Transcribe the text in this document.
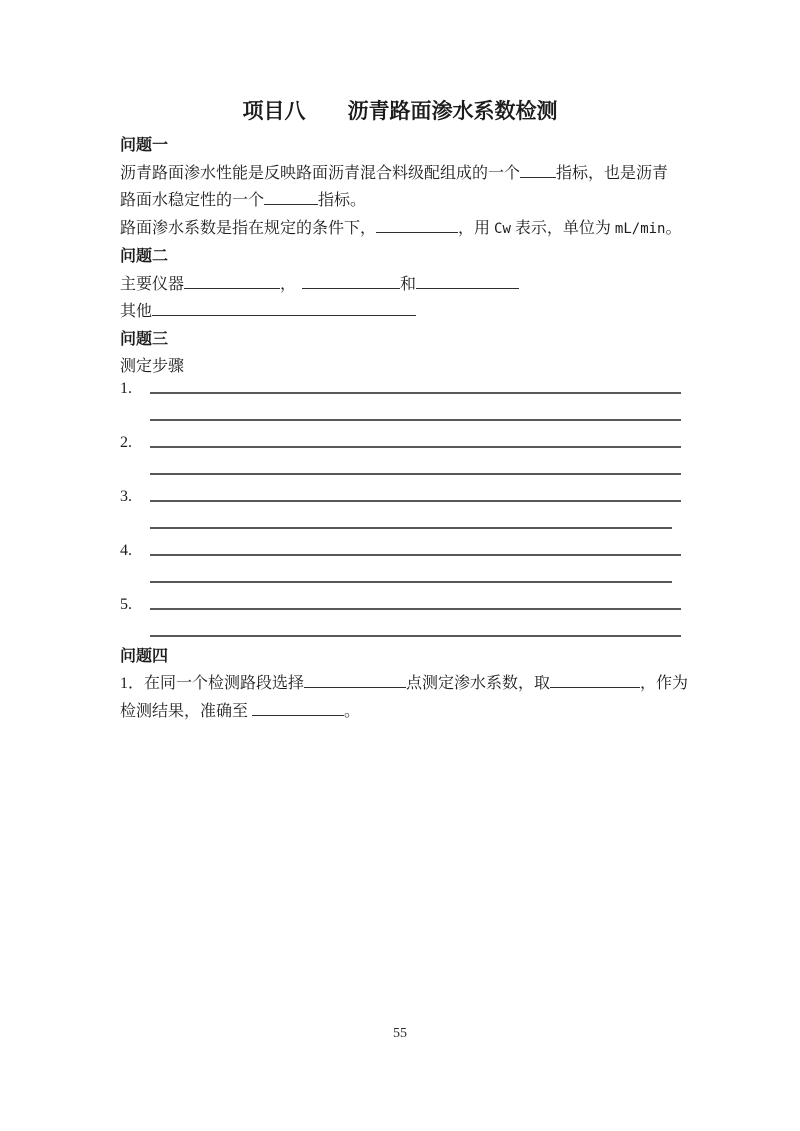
项目八　　沥青路面渗水系数检测
问题一
沥青路面渗水性能是反映路面沥青混合料级配组成的一个 指标，也是沥青
路面水稳定性的一个	指标。
路面渗水系数是指在规定的条件下，	，用 Cw 表示，单位为 mL/min。
问题二
主要仪器	，	和
其他
问题三
测定步骤
1.
2.
3.
4.
5.
问题四
1．在同一个检测路段选择	点测定渗水系数，取	，作为
检测结果，准确至	。
55
